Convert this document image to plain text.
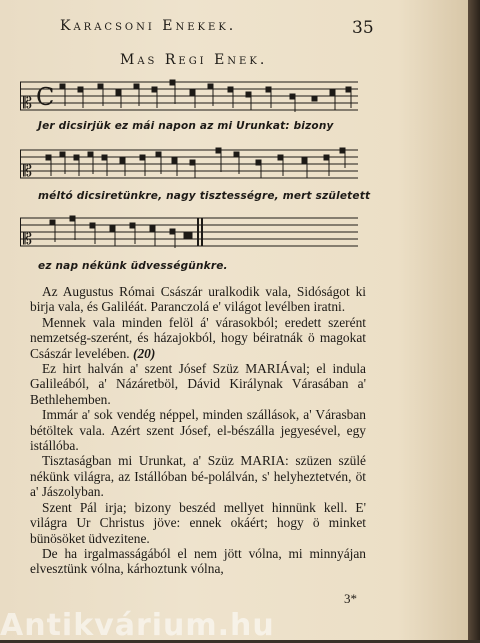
Karacsoni Enekek.	35
Mas Regi Enek.
𝄡 C
Jer dicsirjük ez mái napon az mi Urunkat: bizony
𝄡
méltó dicsiretünkre, nagy tisztességre, mert született
𝄡
ez nap nékünk üdvességünkre.

Az Augustus Római Császár uralkodik vala, Sidóságot ki birja vala, és Galiléát. Paranczolá e' világot levélben iratni.

Mennek vala minden felöl á' várasokból; eredett szerént nemzetség-szerént, és házajokból, hogy béiratnák ö magokat Császár levelében. (20)

Ez hirt halván a' szent Jósef Szüz MARIÁval; el indula Galileából, a' Názáretböl, Dávid Királynak Várasában a' Bethlehemben.

Immár a' sok vendég néppel, minden szállások, a' Várasban bétöltek vala. Azért szent Jósef, el-bészálla jegyesével, egy istállóba.

Tisztaságban mi Urunkat, a' Szüz MARIA: szüzen szülé nékünk világra, az Istállóban bé-polálván, s' helyheztetvén, öt a' Jászolyban.

Szent Pál irja; bizony beszéd mellyet hinnünk kell. E' világra Ur Christus jöve: ennek okáért; hogy ö minket bünösöket üdvezitene.

De ha irgalmasságából el nem jött vólna, mi minnyájan elvesztünk vólna, kárhoztunk vólna,

3*
Antikvárium.hu
